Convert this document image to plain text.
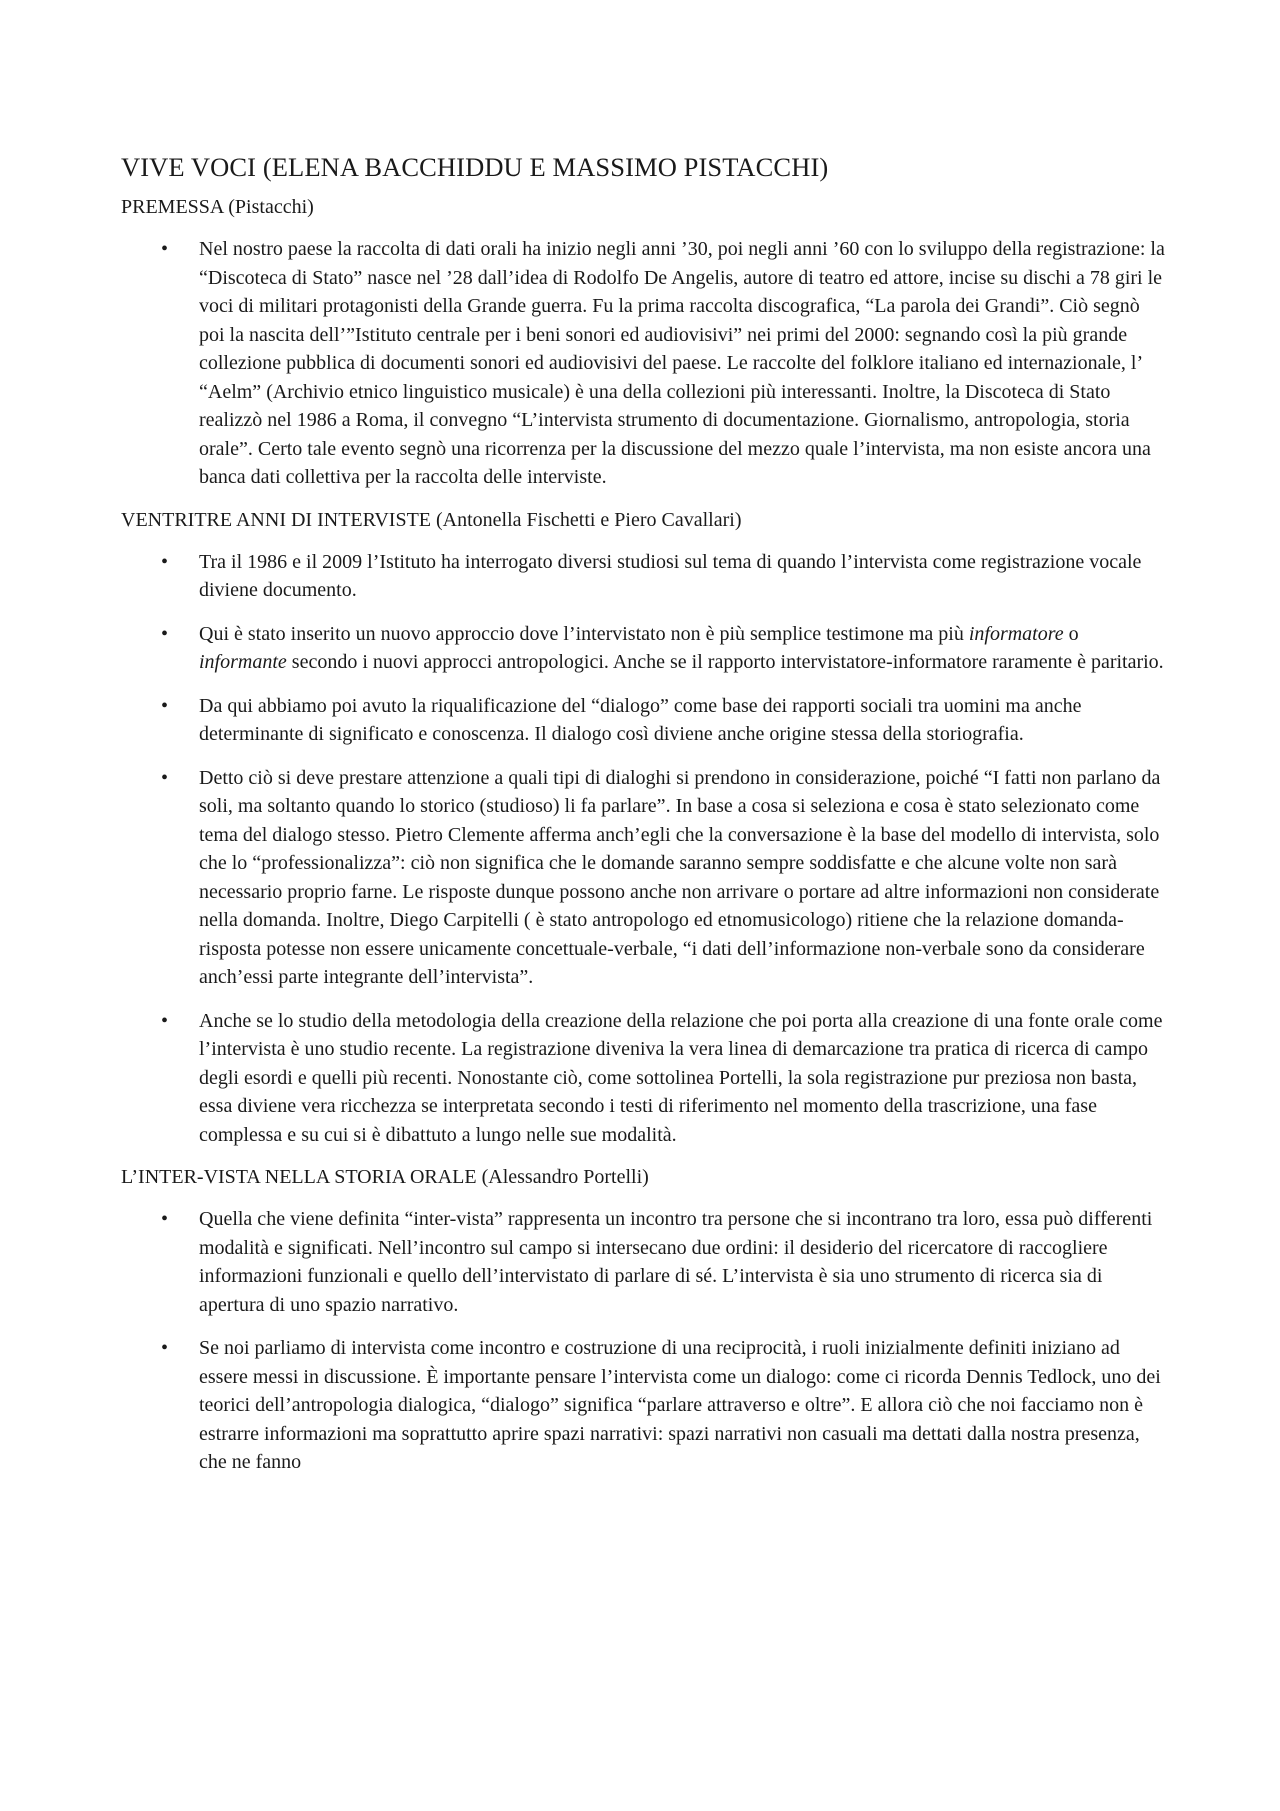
VIVE VOCI (ELENA BACCHIDDU E MASSIMO PISTACCHI)

PREMESSA (Pistacchi)

• Nel nostro paese la raccolta di dati orali ha inizio negli anni ’30, poi negli anni ’60 con lo sviluppo della registrazione: la “Discoteca di Stato” nasce nel ’28 dall’idea di Rodolfo De Angelis, autore di teatro ed attore, incise su dischi a 78 giri le voci di militari protagonisti della Grande guerra. Fu la prima raccolta discografica, “La parola dei Grandi”. Ciò segnò poi la nascita dell’”Istituto centrale per i beni sonori ed audiovisivi” nei primi del 2000: segnando così la più grande collezione pubblica di documenti sonori ed audiovisivi del paese. Le raccolte del folklore italiano ed internazionale, l’ “Aelm” (Archivio etnico linguistico musicale) è una della collezioni più interessanti. Inoltre, la Discoteca di Stato realizzò nel 1986 a Roma, il convegno “L’intervista strumento di documentazione. Giornalismo, antropologia, storia orale”. Certo tale evento segnò una ricorrenza per la discussione del mezzo quale l’intervista, ma non esiste ancora una banca dati collettiva per la raccolta delle interviste.

VENTRITRE ANNI DI INTERVISTE (Antonella Fischetti e Piero Cavallari)

• Tra il 1986 e il 2009 l’Istituto ha interrogato diversi studiosi sul tema di quando l’intervista come registrazione vocale diviene documento.
• Qui è stato inserito un nuovo approccio dove l’intervistato non è più semplice testimone ma più informatore o informante secondo i nuovi approcci antropologici. Anche se il rapporto intervistatore-informatore raramente è paritario.
• Da qui abbiamo poi avuto la riqualificazione del “dialogo” come base dei rapporti sociali tra uomini ma anche determinante di significato e conoscenza. Il dialogo così diviene anche origine stessa della storiografia.
• Detto ciò si deve prestare attenzione a quali tipi di dialoghi si prendono in considerazione, poiché “I fatti non parlano da soli, ma soltanto quando lo storico (studioso) li fa parlare”. In base a cosa si seleziona e cosa è stato selezionato come tema del dialogo stesso. Pietro Clemente afferma anch’egli che la conversazione è la base del modello di intervista, solo che lo “professionalizza”: ciò non significa che le domande saranno sempre soddisfatte e che alcune volte non sarà necessario proprio farne. Le risposte dunque possono anche non arrivare o portare ad altre informazioni non considerate nella domanda. Inoltre, Diego Carpitelli ( è stato antropologo ed etnomusicologo) ritiene che la relazione domanda-risposta potesse non essere unicamente concettuale-verbale, “i dati dell’informazione non-verbale sono da considerare anch’essi parte integrante dell’intervista”.
• Anche se lo studio della metodologia della creazione della relazione che poi porta alla creazione di una fonte orale come l’intervista è uno studio recente. La registrazione diveniva la vera linea di demarcazione tra pratica di ricerca di campo degli esordi e quelli più recenti. Nonostante ciò, come sottolinea Portelli, la sola registrazione pur preziosa non basta, essa diviene vera ricchezza se interpretata secondo i testi di riferimento nel momento della trascrizione, una fase complessa e su cui si è dibattuto a lungo nelle sue modalità.

L’INTER-VISTA NELLA STORIA ORALE (Alessandro Portelli)

• Quella che viene definita “inter-vista” rappresenta un incontro tra persone che si incontrano tra loro, essa può differenti modalità e significati. Nell’incontro sul campo si intersecano due ordini: il desiderio del ricercatore di raccogliere informazioni funzionali e quello dell’intervistato di parlare di sé. L’intervista è sia uno strumento di ricerca sia di apertura di uno spazio narrativo.
• Se noi parliamo di intervista come incontro e costruzione di una reciprocità, i ruoli inizialmente definiti iniziano ad essere messi in discussione. È importante pensare l’intervista come un dialogo: come ci ricorda Dennis Tedlock, uno dei teorici dell’antropologia dialogica, “dialogo” significa “parlare attraverso e oltre”. E allora ciò che noi facciamo non è estrarre informazioni ma soprattutto aprire spazi narrativi: spazi narrativi non casuali ma dettati dalla nostra presenza, che ne fanno
